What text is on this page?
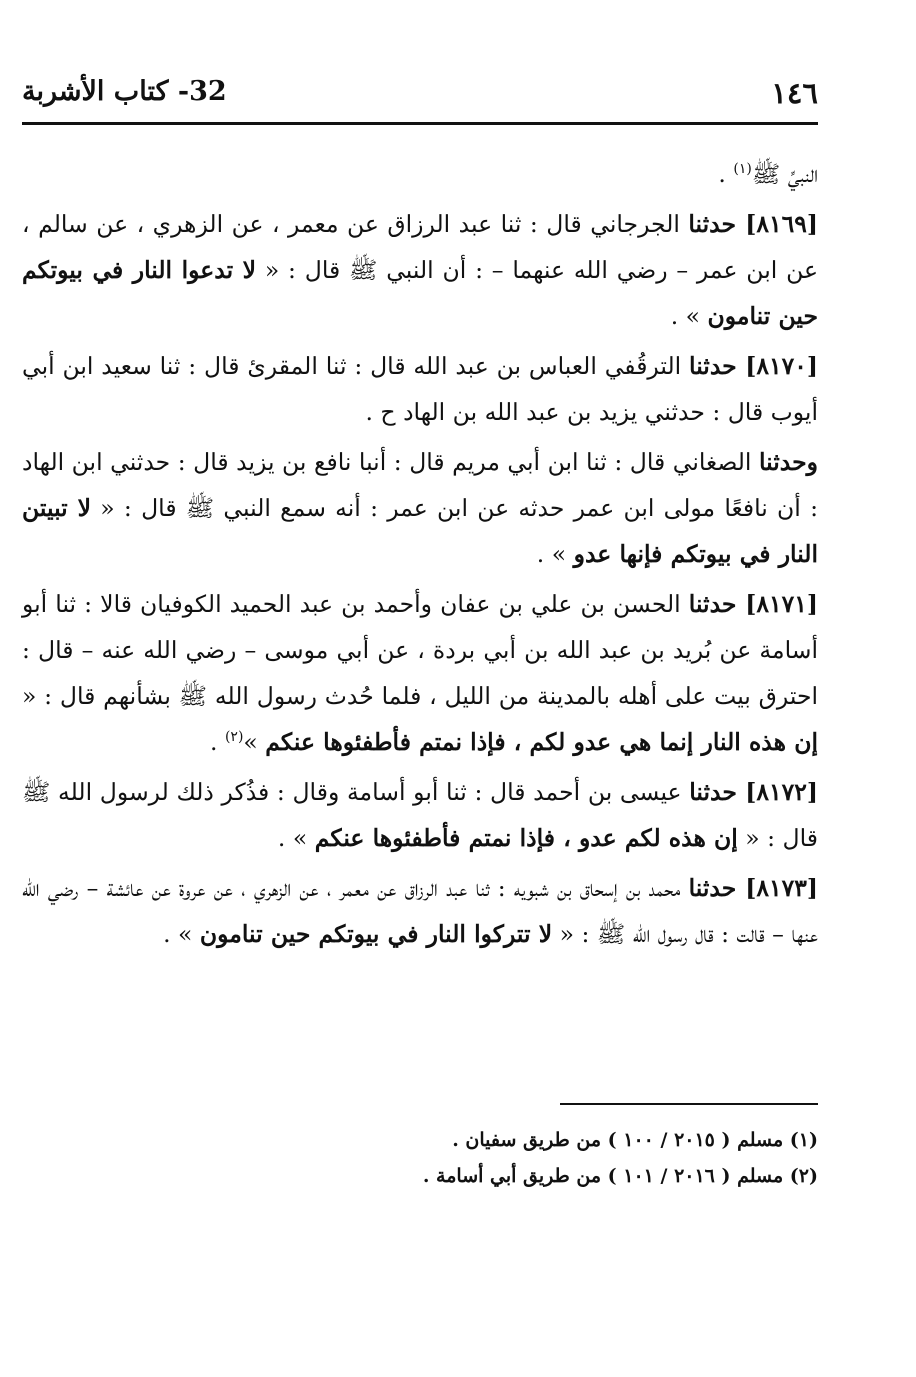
١٤٦
32- كتاب الأشربة

النبيِّ ﷺ$^{(١)}$ .

[٨١٦٩] حدثنا الجرجاني قال : ثنا عبد الرزاق عن معمر ، عن الزهري ، عن سالم ، عن ابن عمر – رضي الله عنهما – : أن النبي ﷺ قال : « لا تدعوا النار في بيوتكم حين تنامون » .

[٨١٧٠] حدثنا الترقُفي العباس بن عبد الله قال : ثنا المقرئ قال : ثنا سعيد ابن أبي أيوب قال : حدثني يزيد بن عبد الله بن الهاد ح .

وحدثنا الصغاني قال : ثنا ابن أبي مريم قال : أنبا نافع بن يزيد قال : حدثني ابن الهاد : أن نافعًا مولى ابن عمر حدثه عن ابن عمر : أنه سمع النبي ﷺ قال : « لا تبيتن النار في بيوتكم فإنها عدو » .

[٨١٧١] حدثنا الحسن بن علي بن عفان وأحمد بن عبد الحميد الكوفيان قالا : ثنا أبو أسامة عن بُريد بن عبد الله بن أبي بردة ، عن أبي موسى – رضي الله عنه – قال : احترق بيت على أهله بالمدينة من الليل ، فلما حُدث رسول الله ﷺ بشأنهم قال : « إن هذه النار إنما هي عدو لكم ، فإذا نمتم فأطفئوها عنكم »$^{(٢)}$ .

[٨١٧٢] حدثنا عيسى بن أحمد قال : ثنا أبو أسامة وقال : فذُكر ذلك لرسول الله ﷺ قال : « إن هذه لكم عدو ، فإذا نمتم فأطفئوها عنكم » .

[٨١٧٣] حدثنا محمد بن إسحاق بن شبويه : ثنا عبد الرزاق عن معمر ، عن الزهري ، عن عروة عن عائشة – رضي الله عنها – قالت : قال رسول الله ﷺ : « لا تتركوا النار في بيوتكم حين تنامون » .

(١) مسلم ( ٢٠١٥ / ١٠٠ ) من طريق سفيان .

(٢) مسلم ( ٢٠١٦ / ١٠١ ) من طريق أبي أسامة .
